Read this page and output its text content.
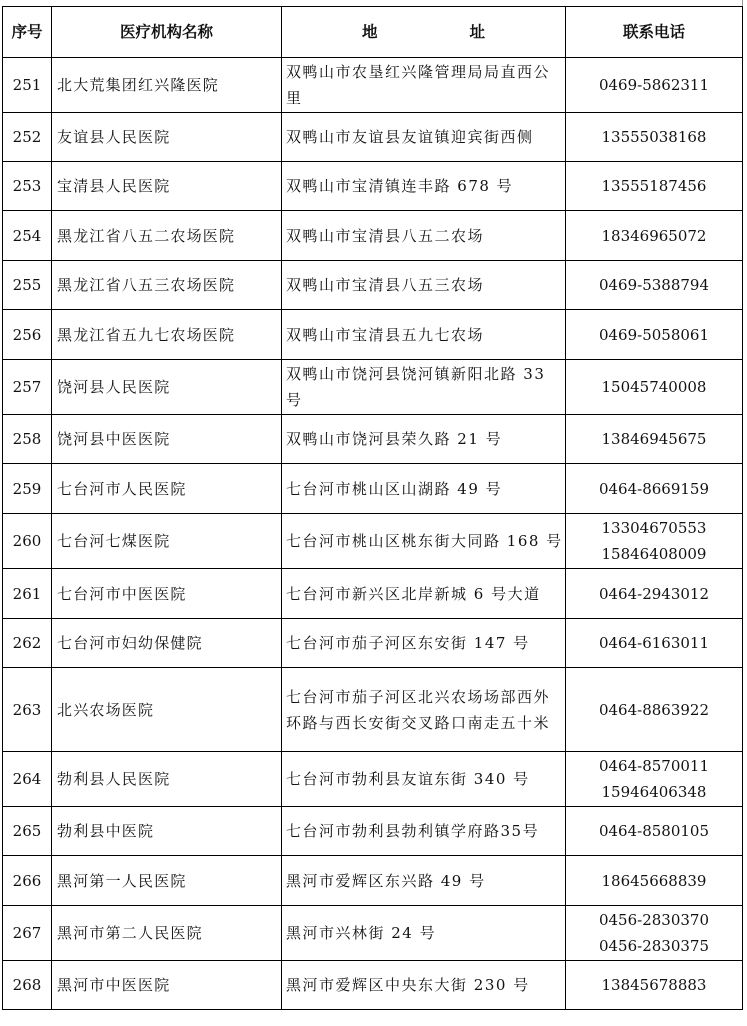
序号	医疗机构名称	地 址	联系电话
251	北大荒集团红兴隆医院	双鸭山市农垦红兴隆管理局局直西公里	0469-5862311

252	友谊县人民医院	双鸭山市友谊县友谊镇迎宾街西侧	13555038168

253	宝清县人民医院	双鸭山市宝清镇连丰路 678 号	13555187456

254	黑龙江省八五二农场医院	双鸭山市宝清县八五二农场	18346965072

255	黑龙江省八五三农场医院	双鸭山市宝清县八五三农场	0469-5388794

256	黑龙江省五九七农场医院	双鸭山市宝清县五九七农场	0469-5058061

257	饶河县人民医院	双鸭山市饶河县饶河镇新阳北路 33 号	15045740008

258	饶河县中医医院	双鸭山市饶河县荣久路 21 号	13846945675

259	七台河市人民医院	七台河市桃山区山湖路 49 号	0464-8669159

260	七台河七煤医院	七台河市桃山区桃东街大同路 168 号	13304670553
15846408009

261	七台河市中医医院	七台河市新兴区北岸新城 6 号大道	0464-2943012

262	七台河市妇幼保健院	七台河市茄子河区东安街 147 号	0464-6163011

263	北兴农场医院	七台河市茄子河区北兴农场场部西外环路与西长安街交叉路口南走五十米	0464-8863922

264	勃利县人民医院	七台河市勃利县友谊东街 340 号	0464-8570011
15946406348

265	勃利县中医院	七台河市勃利县勃利镇学府路35号	0464-8580105

266	黑河第一人民医院	黑河市爱辉区东兴路 49 号	18645668839

267	黑河市第二人民医院	黑河市兴林街 24 号	0456-2830370
0456-2830375

268	黑河市中医医院	黑河市爱辉区中央东大街 230 号	13845678883
